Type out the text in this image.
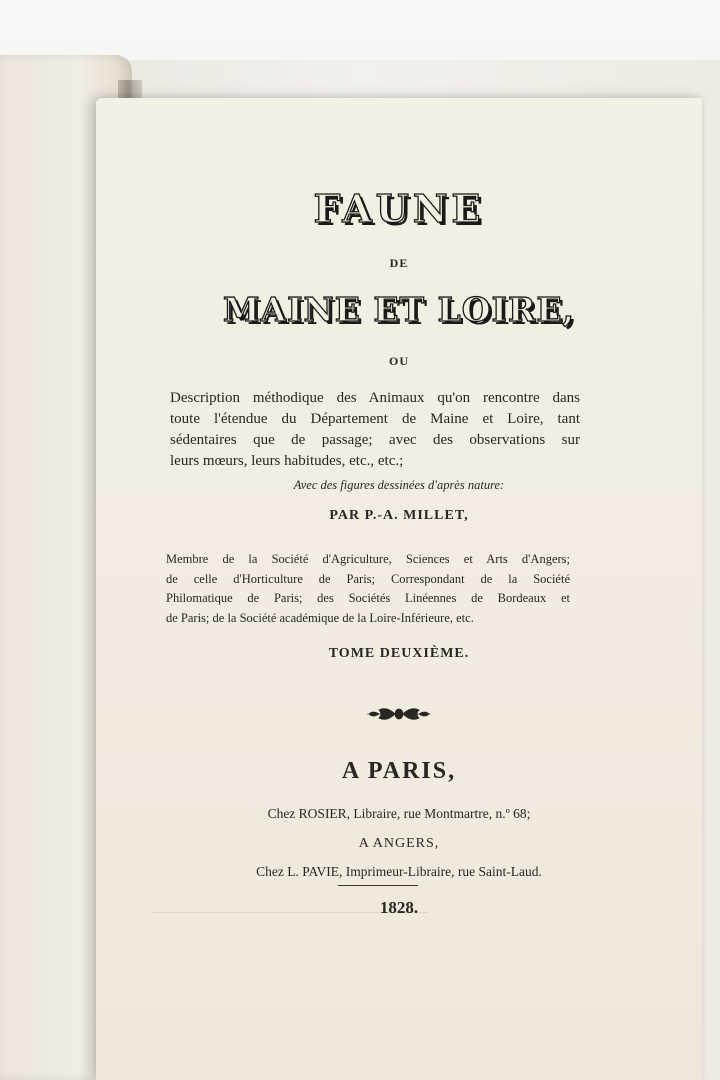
FAUNE
DE
MAINE ET LOIRE,
OU
Description méthodique des Animaux qu'on rencontre dans
toute l'étendue du Département de Maine et Loire, tant
sédentaires que de passage; avec des observations sur
leurs mœurs, leurs habitudes, etc., etc.;
Avec des figures dessinées d'après nature:
PAR P.-A. MILLET,
Membre de la Société d'Agriculture, Sciences et Arts d'Angers;
de celle d'Horticulture de Paris; Correspondant de la Société
Philomatique de Paris; des Sociétés Linéennes de Bordeaux et
de Paris; de la Société académique de la Loire-Inférieure, etc.
TOME DEUXIÈME.
A PARIS,
Chez ROSIER, Libraire, rue Montmartre, n.º 68;
A ANGERS,
Chez L. PAVIE, Imprimeur-Libraire, rue Saint-Laud.
1828.
